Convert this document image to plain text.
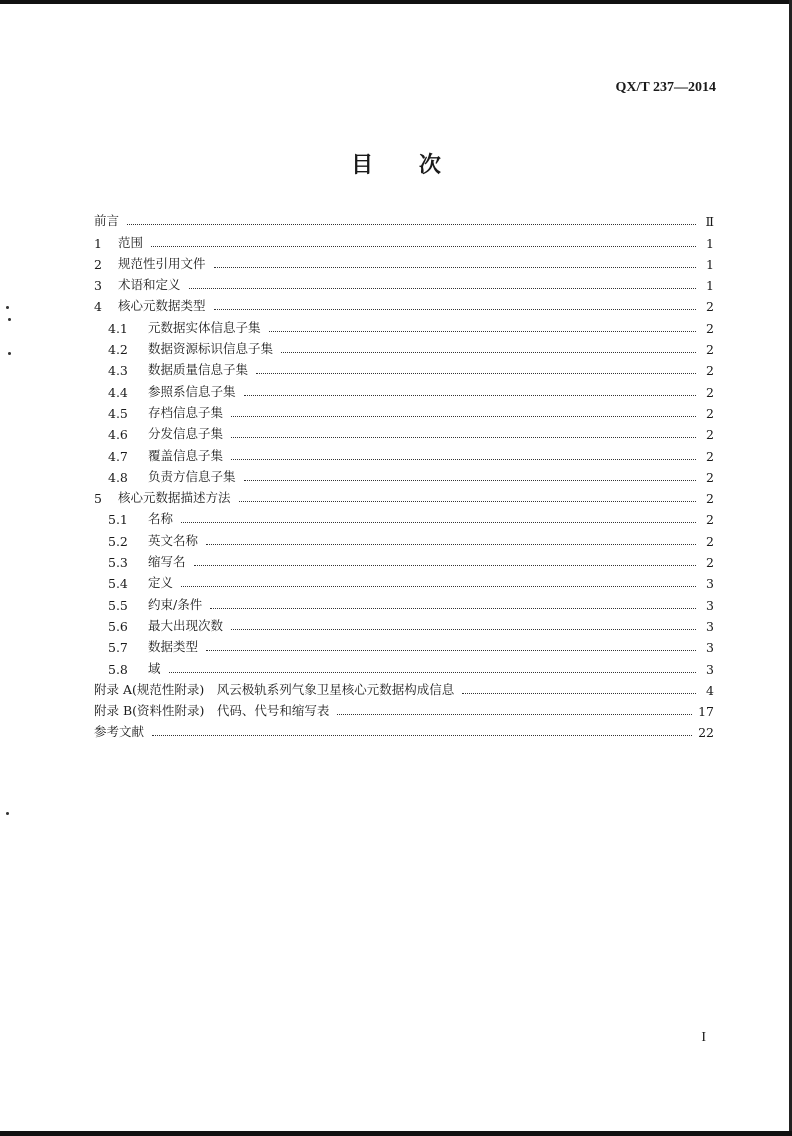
QX/T 237—2014
目 次
前言	Ⅱ
1	范围	1
2	规范性引用文件	1
3	术语和定义	1
4	核心元数据类型	2
4.1	元数据实体信息子集	2
4.2	数据资源标识信息子集	2
4.3	数据质量信息子集	2
4.4	参照系信息子集	2
4.5	存档信息子集	2
4.6	分发信息子集	2
4.7	覆盖信息子集	2
4.8	负责方信息子集	2
5	核心元数据描述方法	2
5.1	名称	2
5.2	英文名称	2
5.3	缩写名	2
5.4	定义	3
5.5	约束/条件	3
5.6	最大出现次数	3
5.7	数据类型	3
5.8	域	3
附录 A(规范性附录)　风云极轨系列气象卫星核心元数据构成信息	4
附录 B(资料性附录)　代码、代号和缩写表	17
参考文献	22
I
